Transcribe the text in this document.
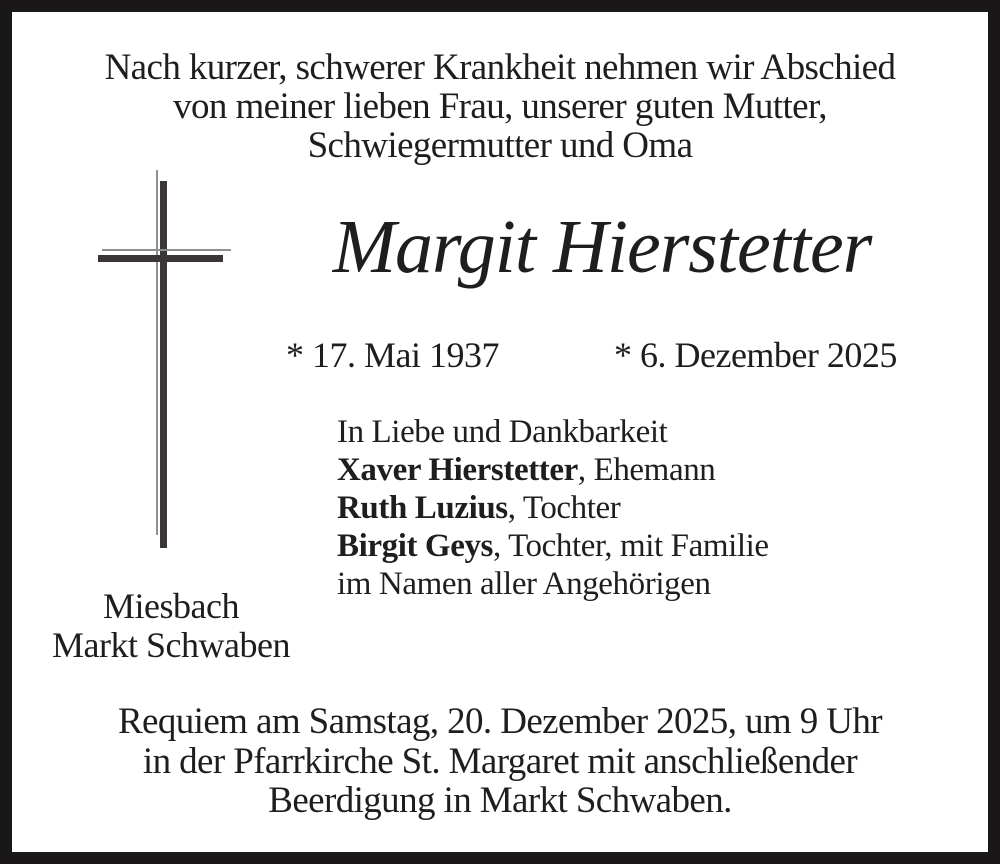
Nach kurzer, schwerer Krankheit nehmen wir Abschied
von meiner lieben Frau, unserer guten Mutter,
Schwiegermutter und Oma
Margit Hierstetter
* 17. Mai 1937	* 6. Dezember 2025
In Liebe und Dankbarkeit
Xaver Hierstetter, Ehemann
Ruth Luzius, Tochter
Birgit Geys, Tochter, mit Familie
im Namen aller Angehörigen
Miesbach
Markt Schwaben
Requiem am Samstag, 20. Dezember 2025, um 9 Uhr
in der Pfarrkirche St. Margaret mit anschließender
Beerdigung in Markt Schwaben.
